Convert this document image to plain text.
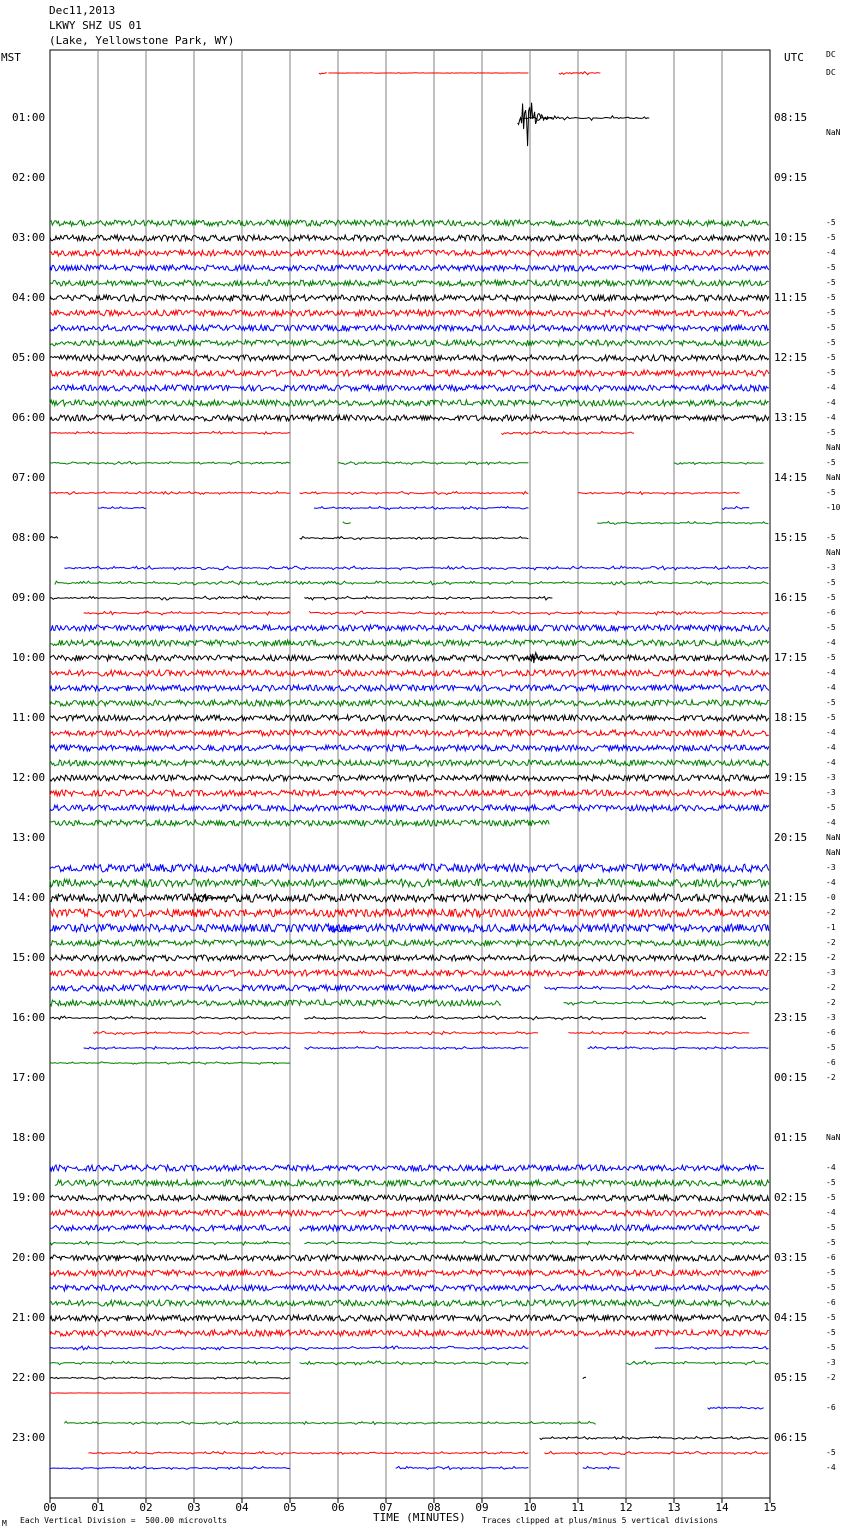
Dec11,2013
LKWY SHZ US 01
(Lake, Yellowstone Park, WY)
00	01	02	03	04	05	06	07	08	09	10	11	12	13	14	15
01:00
02:00
03:00
04:00
05:00
06:00
07:00
08:00
09:00
10:00
11:00
12:00
13:00
14:00
15:00
16:00
17:00
18:00
19:00
20:00
21:00
22:00
23:00
08:15
09:15
10:15
11:15
12:15
13:15
14:15
15:15
16:15
17:15
18:15
19:15
20:15
21:15
22:15
23:15
00:15
01:15
02:15
03:15
04:15
05:15
06:15
MST	UTC
DC
NaN
-5
-5
-4
-5
-5
-5
-5
-5
-5
-5
-5
-4
-4
-4
-5
NaN
-5
NaN
-5
-10
-5
NaN
-3
-5
-5
-6
-5
-4
-5
-4
-4
-5
-5
-4
-4
-4
-3
-3
-5
-4
NaN
NaN
-3
-4
-0
-2
-1
-2
-2
-3
-2
-2
-3
-6
-5
-6
-2
NaN
-4
-5
-5
-4
-5
-5
-6
-5
-5
-6
-5
-5
-5
-3
-2
-6
-5
-4
M Each Vertical Division =  500.00 microvolts	TIME (MINUTES) Traces clipped at plus/minus 5 vertical divisions
DC
